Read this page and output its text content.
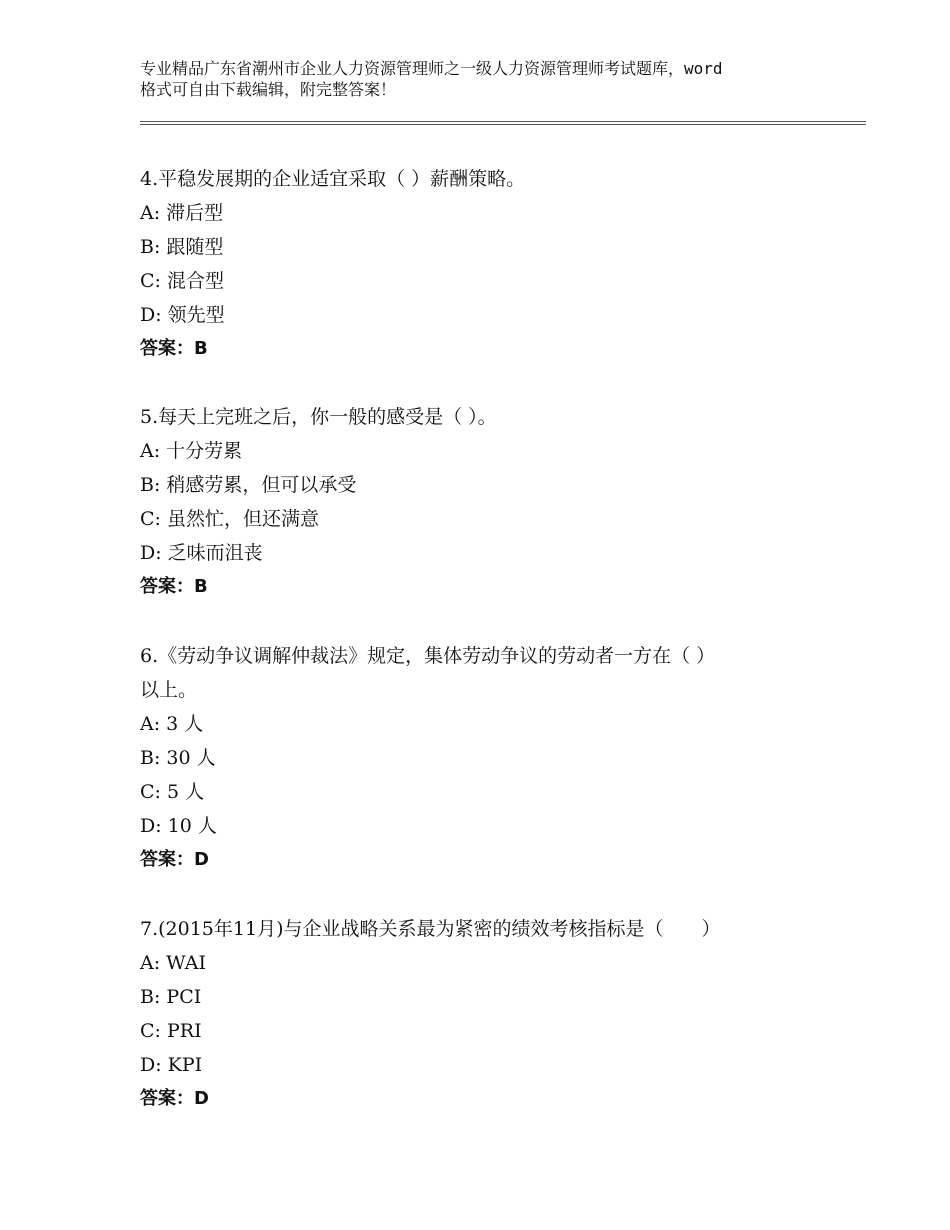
专业精品广东省潮州市企业人力资源管理师之一级人力资源管理师考试题库，word
格式可自由下载编辑，附完整答案！
4.平稳发展期的企业适宜采取（ ）薪酬策略。
A: 滞后型
B: 跟随型
C: 混合型
D: 领先型
答案：B
5.每天上完班之后，你一般的感受是（ ）。
A: 十分劳累
B: 稍感劳累，但可以承受
C: 虽然忙，但还满意
D: 乏味而沮丧
答案：B
6.《劳动争议调解仲裁法》规定，集体劳动争议的劳动者一方在（ ）
以上。
A: 3 人
B: 30 人
C: 5 人
D: 10 人
答案：D
7.(2015年11月)与企业战略关系最为紧密的绩效考核指标是（　　）
A: WAI
B: PCI
C: PRI
D: KPI
答案：D
